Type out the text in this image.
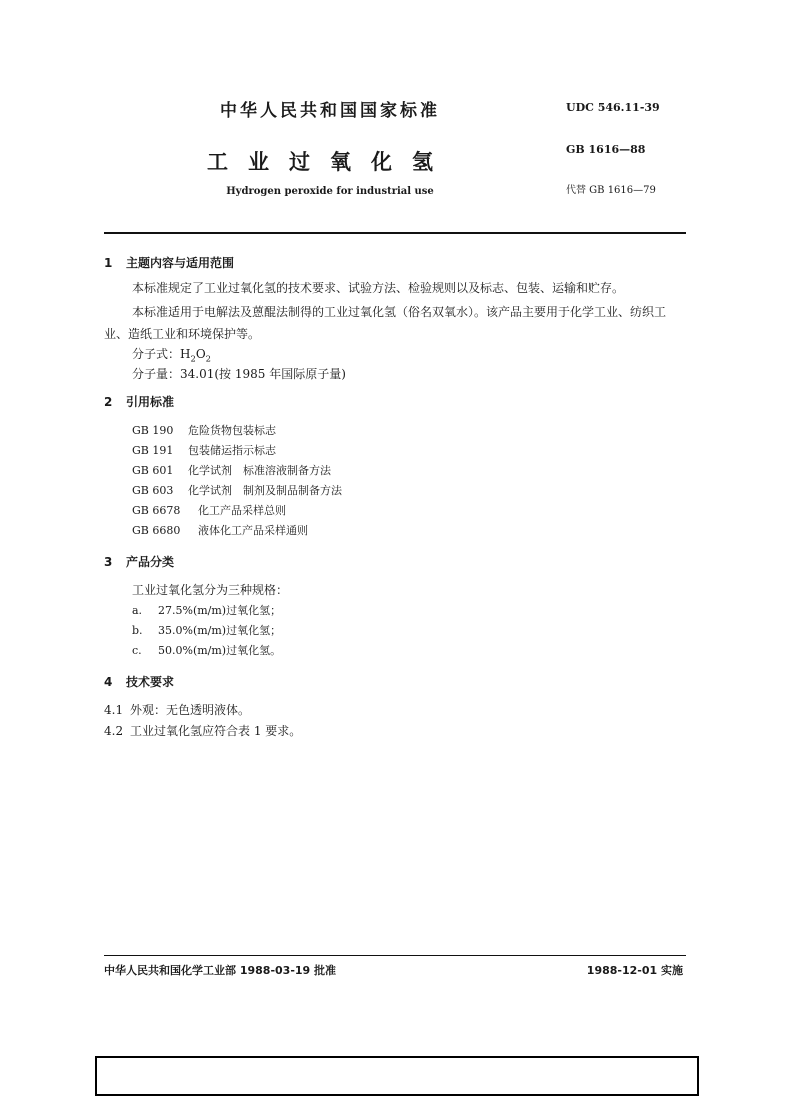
中华人民共和国国家标准	UDC 546.11-39
GB 1616—88
工业过氧化氢
Hydrogen peroxide for industrial use	代替 GB 1616—79
1 主题内容与适用范围
本标准规定了工业过氧化氢的技术要求、试验方法、检验规则以及标志、包装、运输和贮存。
本标准适用于电解法及蒽醌法制得的工业过氧化氢（俗名双氧水）。该产品主要用于化学工业、纺织工业、造纸工业和环境保护等。
分子式：$H_2O_2$
分子量：34.01(按 1985 年国际原子量)
2 引用标准
GB 190 危险货物包装标志
GB 191 包装储运指示标志
GB 601 化学试剂　标准溶液制备方法
GB 603 化学试剂　制剂及制品制备方法
GB 6678 化工产品采样总则
GB 6680 液体化工产品采样通则
3 产品分类
工业过氧化氢分为三种规格：
a. 27.5%(m/m)过氧化氢；
b. 35.0%(m/m)过氧化氢；
c. 50.0%(m/m)过氧化氢。
4 技术要求
4.1 外观：无色透明液体。
4.2 工业过氧化氢应符合表 1 要求。
中华人民共和国化学工业部 1988-03-19 批准	1988-12-01 实施
